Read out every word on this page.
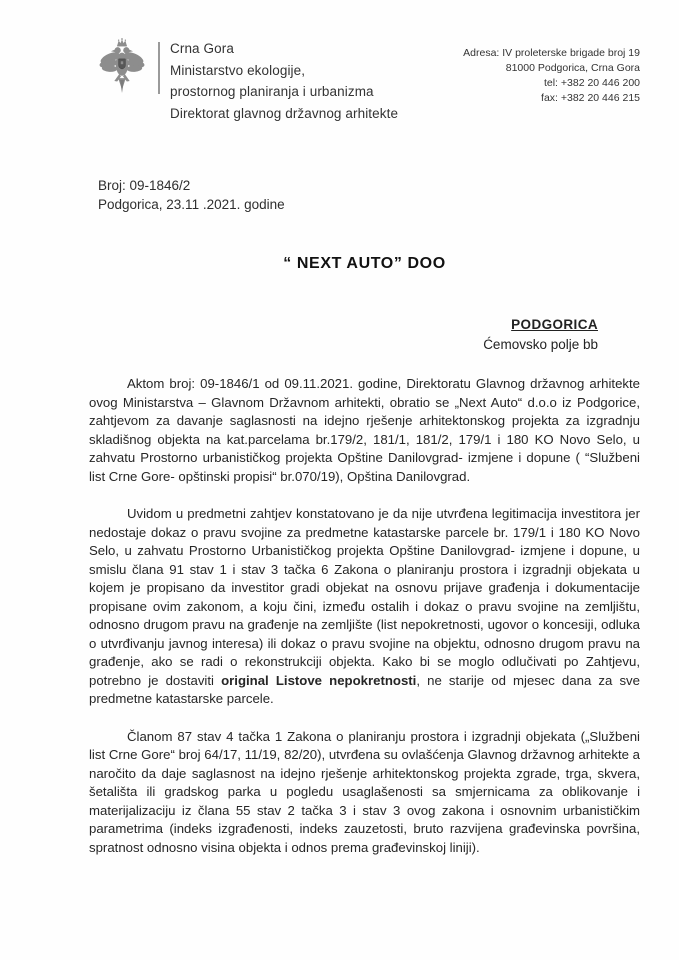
Crna Gora
Ministarstvo ekologije,
prostornog planiranja i urbanizma
Direktorat glavnog državnog arhitekte
Adresa: IV proleterske brigade broj 19
81000 Podgorica, Crna Gora
tel: +382 20 446 200
fax: +382 20 446 215
Broj: 09-1846/2
Podgorica, 23.11 .2021. godine
“ NEXT AUTO” DOO
PODGORICA
Ćemovsko polje bb

Aktom broj: 09-1846/1 od 09.11.2021. godine, Direktoratu Glavnog državnog arhitekte ovog Ministarstva – Glavnom Državnom arhitekti, obratio se „Next Auto“ d.o.o iz Podgorice, zahtjevom za davanje saglasnosti na idejno rješenje arhitektonskog projekta za izgradnju skladišnog objekta na kat.parcelama br.179/2, 181/1, 181/2, 179/1 i 180 KO Novo Selo, u zahvatu Prostorno urbanističkog projekta Opštine Danilovgrad- izmjene i dopune ( “Službeni list Crne Gore- opštinski propisi“ br.070/19), Opština Danilovgrad.

Uvidom u predmetni zahtjev konstatovano je da nije utvrđena legitimacija investitora jer nedostaje dokaz o pravu svojine za predmetne katastarske parcele br. 179/1 i 180 KO Novo Selo, u zahvatu Prostorno Urbanističkog projekta Opštine Danilovgrad- izmjene i dopune, u smislu člana 91 stav 1 i stav 3 tačka 6 Zakona o planiranju prostora i izgradnji objekata u kojem je propisano da investitor gradi objekat na osnovu prijave građenja i dokumentacije propisane ovim zakonom, a koju čini, između ostalih i dokaz o pravu svojine na zemljištu, odnosno drugom pravu na građenje na zemljište (list nepokretnosti, ugovor o koncesiji, odluka o utvrđivanju javnog interesa) ili dokaz o pravu svojine na objektu, odnosno drugom pravu na građenje, ako se radi o rekonstrukciji objekta. Kako bi se moglo odlučivati po Zahtjevu, potrebno je dostaviti original Listove nepokretnosti, ne starije od mjesec dana za sve predmetne katastarske parcele.

Članom 87 stav 4 tačka 1 Zakona o planiranju prostora i izgradnji objekata („Službeni list Crne Gore“ broj 64/17, 11/19, 82/20), utvrđena su ovlašćenja Glavnog državnog arhitekte a naročito da daje saglasnost na idejno rješenje arhitektonskog projekta zgrade, trga, skvera, šetališta ili gradskog parka u pogledu usaglašenosti sa smjernicama za oblikovanje i materijalizaciju iz člana 55 stav 2 tačka 3 i stav 3 ovog zakona i osnovnim urbanističkim parametrima (indeks izgrađenosti, indeks zauzetosti, bruto razvijena građevinska površina, spratnost odnosno visina objekta i odnos prema građevinskoj liniji).
